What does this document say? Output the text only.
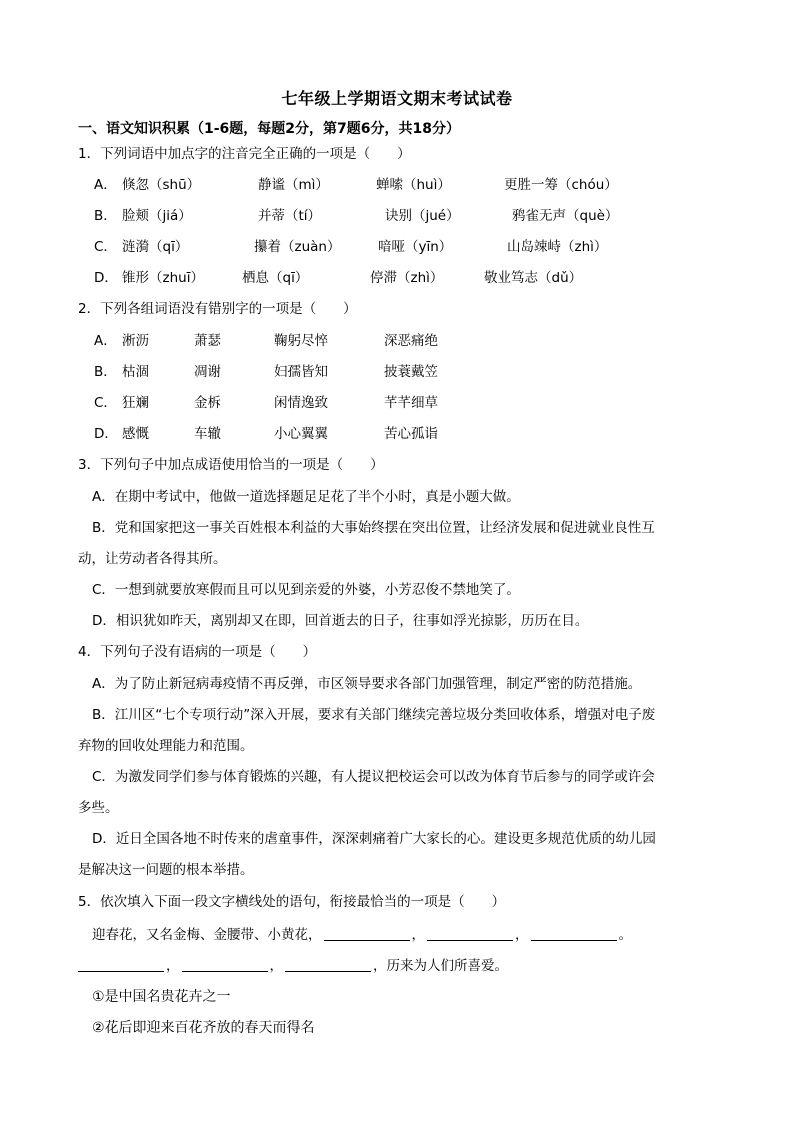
七年级上学期语文期末考试试卷
一、语文知识积累（1-6题，每题2分，第7题6分，共18分）
1．下列词语中加点字的注音完全正确的一项是（　　）
A． 倏忽（shū）	静谧（mì）	蝉嗦（huì）	更胜一筹（chóu）
B． 脸颊（jiá）	并蒂（tí）	诀别（jué）	鸦雀无声（què）
C． 涟漪（qī）	攥着（zuàn）	喑哑（yīn）	山岛竦峙（zhì）
D． 锥形（zhuī）	栖息（qī）	停滞（zhì）	敬业笃志（dǔ）
2．下列各组词语没有错别字的一项是（　　）
A． 淅沥	萧瑟	鞠躬尽悴	深恶痛绝
B． 枯涸	凋谢	妇孺皆知	披蓑戴笠
C． 狂斓	金柝	闲情逸致	芊芊细草
D． 感慨	车辙	小心翼翼	苦心孤诣
3．下列句子中加点成语使用恰当的一项是（　　）
A．在期中考试中，他做一道选择题足足花了半个小时，真是小题大做。
B．党和国家把这一事关百姓根本利益的大事始终摆在突出位置，让经济发展和促进就业良性互
动，让劳动者各得其所。
C．一想到就要放寒假而且可以见到亲爱的外婆，小芳忍俊不禁地笑了。
D．相识犹如昨天，离别却又在即，回首逝去的日子，往事如浮光掠影，历历在目。
4．下列句子没有语病的一项是（　　）
A．为了防止新冠病毒疫情不再反弹，市区领导要求各部门加强管理，制定严密的防范措施。
B．江川区“七个专项行动”深入开展，要求有关部门继续完善垃圾分类回收体系，增强对电子废
弃物的回收处理能力和范围。
C．为激发同学们参与体育锻炼的兴趣，有人提议把校运会可以改为体育节后参与的同学或许会
多些。
D．近日全国各地不时传来的虐童事件，深深刺痛着广大家长的心。建设更多规范优质的幼儿园
是解决这一问题的根本举措。
5．依次填入下面一段文字横线处的语句，衔接最恰当的一项是（　　）
迎春花，又名金梅、金腰带、小黄花，	，	，	。
，	，	，历来为人们所喜爱。
①是中国名贵花卉之一
②花后即迎来百花齐放的春天而得名
